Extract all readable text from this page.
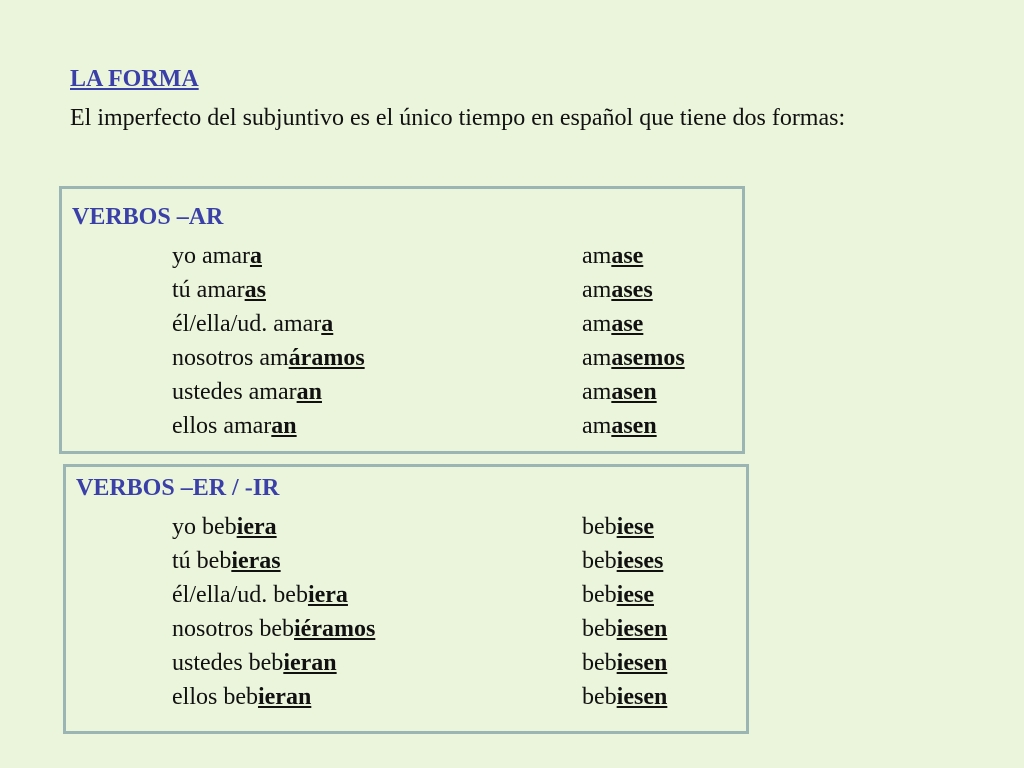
LA FORMA
El imperfecto del subjuntivo es el único tiempo en español que tiene dos formas:
VERBOS –AR
yo amara	amase
tú amaras	amases
él/ella/ud. amara	amase
nosotros amáramos	amasemos
ustedes amaran	amasen
ellos amaran	amasen
VERBOS –ER / -IR
yo bebiera	bebiese
tú bebieras	bebieses
él/ella/ud. bebiera	bebiese
nosotros bebiéramos	bebiesen
ustedes bebieran	bebiesen
ellos bebieran	bebiesen
